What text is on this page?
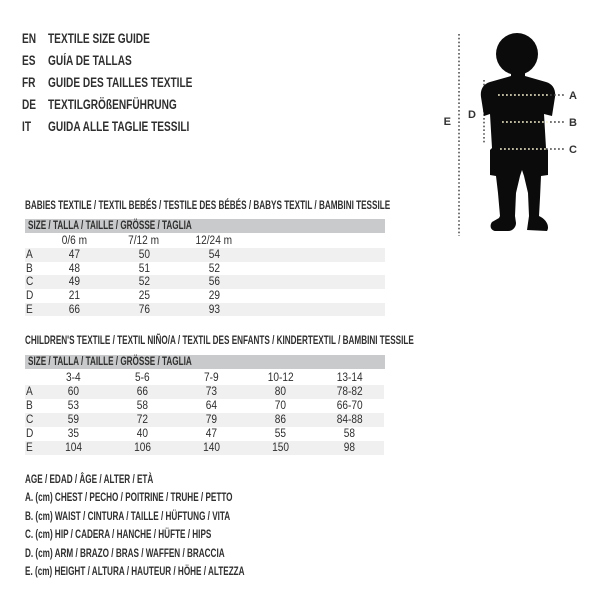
EN TEXTILE SIZE GUIDE
ES GUÍA DE TALLAS
FR GUIDE DES TAILLES TEXTILE
DE TEXTILGRÖßENFÜHRUNG
IT	GUIDA ALLE TAGLIE TESSILI
A
B
C
D
E
BABIES TEXTILE / TEXTIL BEBÉS / TESTILE DES BÉBÉS / BABYS TEXTIL / BAMBINI TESSILE
SIZE / TALLA / TAILLE / GRÖSSE / TAGLIA
	0/6 m	7/12 m	12/24 m	
A	47	50	54	
B	48	51	52	
C	49	52	56	
D	21	25	29	
E	66	76	93	
CHILDREN'S TEXTILE / TEXTIL NIÑO/A / TEXTIL DES ENFANTS / KINDERTEXTIL / BAMBINI TESSILE
SIZE / TALLA / TAILLE / GRÖSSE / TAGLIA
	3-4	5-6	7-9	10-12	13-14
A	60	66	73	80	78-82
B	53	58	64	70	66-70
C	59	72	79	86	84-88
D	35	40	47	55	58
E	104	106	140	150	98
AGE / EDAD / ÂGE / ALTER / ETÀ
A. (cm) CHEST / PECHO / POITRINE / TRUHE / PETTO
B. (cm) WAIST / CINTURA / TAILLE / HÜFTUNG / VITA
C. (cm) HIP / CADERA / HANCHE / HÜFTE / HIPS
D. (cm) ARM / BRAZO / BRAS / WAFFEN / BRACCIA
E. (cm) HEIGHT / ALTURA / HAUTEUR / HÖHE / ALTEZZA
